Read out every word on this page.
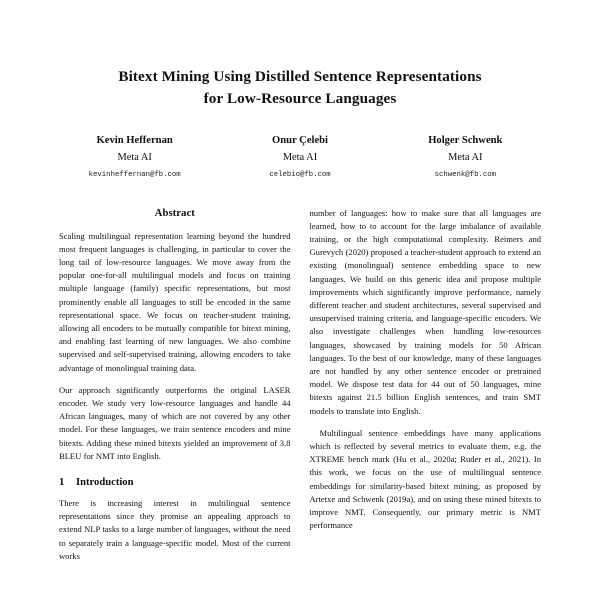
Bitext Mining Using Distilled Sentence Representations
for Low-Resource Languages
Kevin Heffernan
Meta AI
kevinheffernan@fb.com
Onur Çelebi
Meta AI
celebio@fb.com
Holger Schwenk
Meta AI
schwenk@fb.com
Abstract

Scaling multilingual representation learning beyond the hundred most frequent languages is challenging, in particular to cover the long tail of low-resource languages. We move away from the popular one-for-all multilingual models and focus on training multiple language (family) specific representations, but most prominently enable all languages to still be encoded in the same representational space. We focus on teacher-student training, allowing all encoders to be mutually compatible for bitext mining, and enabling fast learning of new languages. We also combine supervised and self-supervised training, allowing encoders to take advantage of monolingual training data.

Our approach significantly outperforms the original LASER encoder. We study very low-resource languages and handle 44 African languages, many of which are not covered by any other model. For these languages, we train sentence encoders and mine bitexts. Adding these mined bitexts yielded an improvement of 3.8 BLEU for NMT into English.

1	Introduction

There is increasing interest in multilingual sentence representations since they promise an appealing approach to extend NLP tasks to a large number of languages, without the need to separately train a language-specific model. Most of the current works

number of languages: how to make sure that all languages are learned, how to to account for the large imbalance of available training, or the high computational complexity. Reimers and Gurevych (2020) proposed a teacher-student approach to extend an existing (monolingual) sentence embedding space to new languages. We build on this generic idea and propose multiple improvements which significantly improve performance, namely different teacher and student architectures, several supervised and unsupervised training criteria, and language-specific encoders. We also investigate challenges when handling low-resources languages, showcased by training models for 50 African languages. To the best of our knowledge, many of these languages are not handled by any other sentence encoder or pretrained model. We dispose test data for 44 out of 50 languages, mine bitexts against 21.5 billion English sentences, and train SMT models to translate into English.

Multilingual sentence embeddings have many applications which is reflected by several metrics to evaluate them, e.g. the XTREME bench mark (Hu et al., 2020a; Ruder et al., 2021). In this work, we focus on the use of multilingual sentence embeddings for similarity-based bitext mining, as proposed by Artetxe and Schwenk (2019a), and on using these mined bitexts to improve NMT. Consequently, our primary metric is NMT performance
